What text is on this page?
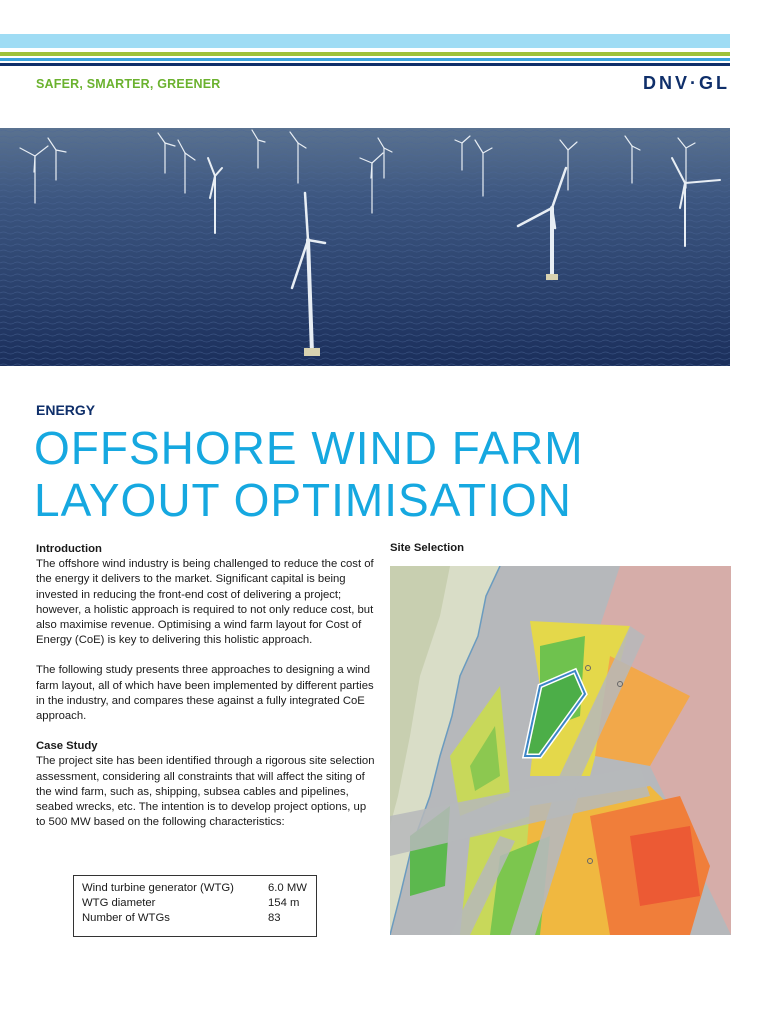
SAFER, SMARTER, GREENER	DNV·GL
ENERGY
OFFSHORE WIND FARM
LAYOUT OPTIMISATION
Introduction

The offshore wind industry is being challenged to reduce the cost of the energy it delivers to the market. Significant capital is being invested in reducing the front-end cost of delivering a project; however, a holistic approach is required to not only reduce cost, but also maximise revenue. Optimising a wind farm layout for Cost of Energy (CoE) is key to delivering this holistic approach.

The following study presents three approaches to designing a wind farm layout, all of which have been implemented by different parties in the industry, and compares these against a fully integrated CoE approach.

Case Study

The project site has been identified through a rigorous site selection assessment, considering all constraints that will affect the siting of the wind farm, such as, shipping, subsea cables and pipelines, seabed wrecks, etc. The intention is to develop project options, up to 500 MW based on the following characteristics:

Wind turbine generator (WTG)	6.0 MW
WTG diameter	154 m
Number of WTGs	83
Site Selection
